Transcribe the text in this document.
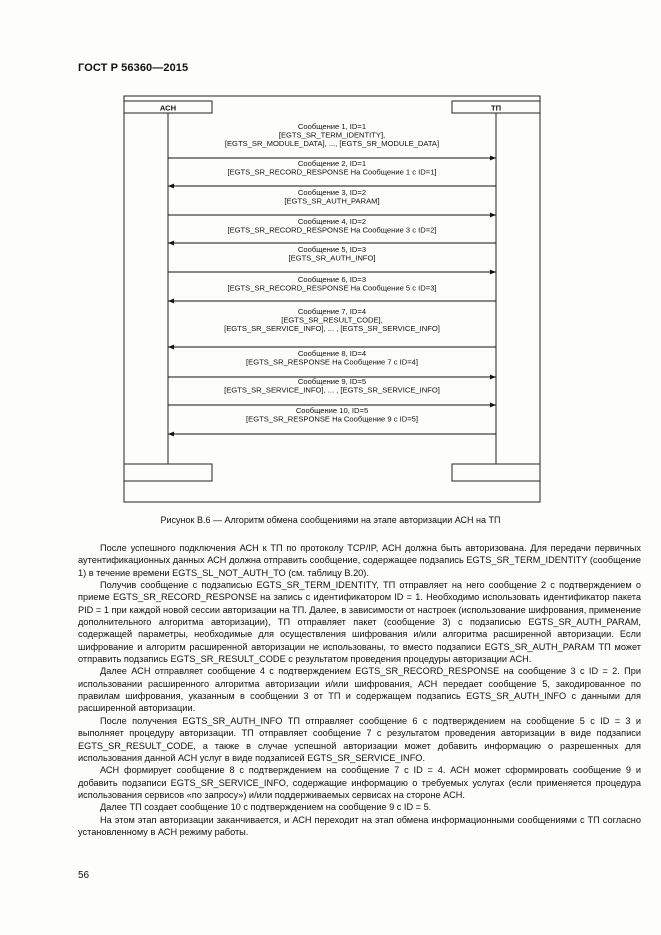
ГОСТ Р 56360—2015
АСН	ТП
Сообщение 1, ID=1
[EGTS_SR_TERM_IDENTITY],
[EGTS_SR_MODULE_DATA], ..., [EGTS_SR_MODULE_DATA]
Сообщение 2, ID=1
[EGTS_SR_RECORD_RESPONSE На Сообщение 1 с ID=1]
Сообщение 3, ID=2
[EGTS_SR_AUTH_PARAM]
Сообщение 4, ID=2
[EGTS_SR_RECORD_RESPONSE На Сообщение 3 с ID=2]
Сообщение 5, ID=3
[EGTS_SR_AUTH_INFO]
Сообщение 6, ID=3
[EGTS_SR_RECORD_RESPONSE На Сообщение 5 с ID=3]
Сообщение 7, ID=4
[EGTS_SR_RESULT_CODE],
[EGTS_SR_SERVICE_INFO], ... , [EGTS_SR_SERVICE_INFO]
Сообщение 8, ID=4
[EGTS_SR_RESPONSE На Сообщение 7 с ID=4]
Сообщение 9, ID=5
[EGTS_SR_SERVICE_INFO], ... , [EGTS_SR_SERVICE_INFO]
Сообщение 10, ID=5
[EGTS_SR_RESPONSE На Сообщение 9 с ID=5]
Рисунок В.6 — Алгоритм обмена сообщениями на этапе авторизации АСН на ТП

После успешного подключения АСН к ТП по протоколу TCP/IP, АСН должна быть авторизована. Для передачи первичных аутентификационных данных АСН должна отправить сообщение, содержащее подзапись EGTS_SR_TERM_IDENTITY (сообщение 1) в течение времени EGTS_SL_NOT_AUTH_TO (см. таблицу В.20).

Получив сообщение с подзаписью EGTS_SR_TERM_IDENTITY, ТП отправляет на него сообщение 2 с подтверждением о приеме EGTS_SR_RECORD_RESPONSE на запись с идентификатором ID = 1. Необходимо использовать идентификатор пакета PID = 1 при каждой новой сессии авторизации на ТП. Далее, в зависимости от настроек (использование шифрования, применение дополнительного алгоритма авторизации), ТП отправляет пакет (сообщение 3) с подзаписью EGTS_SR_AUTH_PARAM, содержащей параметры, необходимые для осуществления шифрования и/или алгоритма расширенной авторизации. Если шифрование и алгоритм расширенной авторизации не использованы, то вместо подзаписи EGTS_SR_AUTH_PARAM ТП может отправить подзапись EGTS_SR_RESULT_CODE с результатом проведения процедуры авторизации АСН.

Далее АСН отправляет сообщение 4 с подтверждением EGTS_SR_RECORD_RESPONSE на сообщение 3 с ID = 2. При использовании расширенного алгоритма авторизации и/или шифрования, АСН передает сообщение 5, закодированное по правилам шифрования, указанным в сообщении 3 от ТП и содержащем подзапись EGTS_SR_AUTH_INFO с данными для расширенной авторизации.

После получения EGTS_SR_AUTH_INFO ТП отправляет сообщение 6 с подтверждением на сообщение 5 с ID = 3 и выполняет процедуру авторизации. ТП отправляет сообщение 7 с результатом проведения авторизации в виде подзаписи EGTS_SR_RESULT_CODE, а также в случае успешной авторизации может добавить информацию о разрешенных для использования данной АСН услуг в виде подзаписей EGTS_SR_SERVICE_INFO.

АСН формирует сообщение 8 с подтверждением на сообщение 7 с ID = 4. АСН может сформировать сообщение 9 и добавить подзаписи EGTS_SR_SERVICE_INFO, содержащие информацию о требуемых услугах (если применяется процедура использования сервисов «по запросу») и/или поддерживаемых сервисах на стороне АСН.

Далее ТП создает сообщение 10 с подтверждением на сообщение 9 с ID = 5.

На этом этап авторизации заканчивается, и АСН переходит на этап обмена информационными сообщениями с ТП согласно установленному в АСН режиму работы.

56
